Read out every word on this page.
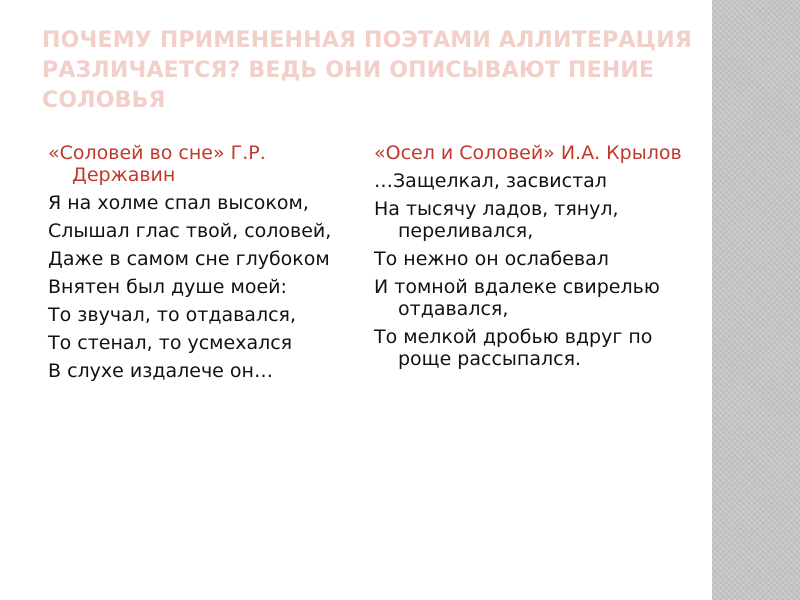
ПОЧЕМУ ПРИМЕНЕННАЯ ПОЭТАМИ АЛЛИТЕРАЦИЯ РАЗЛИЧАЕТСЯ? ВЕДЬ ОНИ ОПИСЫВАЮТ ПЕНИЕ СОЛОВЬЯ

«Соловей во сне» Г.Р. Державин

Я на холме спал высоком,

Слышал глас твой, соловей,

Даже в самом сне глубоком

Внятен был душе моей:

То звучал, то отдавался,

То стенал, то усмехался

В слухе издалече он…

«Осел и Соловей» И.А. Крылов

…Защелкал, засвистал

На тысячу ладов, тянул, переливался,

То нежно он ослабевал

И томной вдалеке свирелью отдавался,

То мелкой дробью вдруг по роще рассыпался.
